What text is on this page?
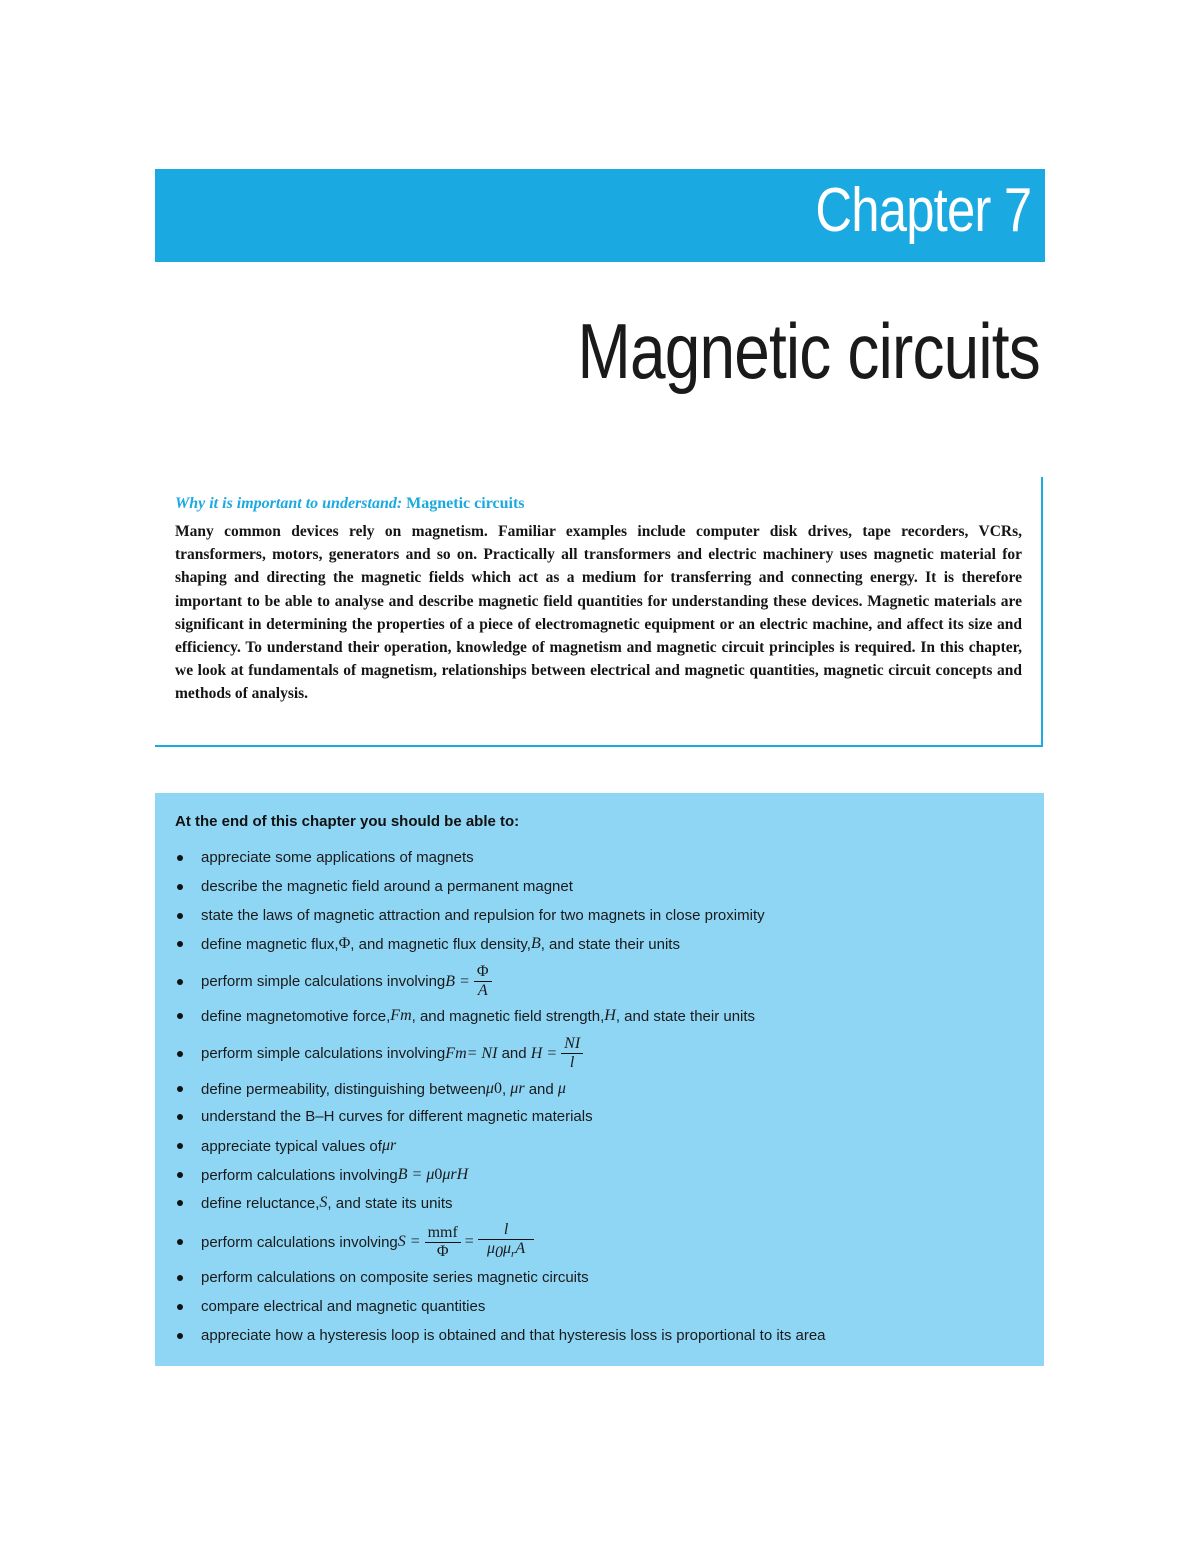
Chapter 7
Magnetic circuits
Why it is important to understand: Magnetic circuits
Many common devices rely on magnetism. Familiar examples include computer disk drives, tape recorders, VCRs, transformers, motors, generators and so on. Practically all transformers and electric machinery uses magnetic material for shaping and directing the magnetic fields which act as a medium for transferring and connecting energy. It is therefore important to be able to analyse and describe magnetic field quantities for understanding these devices. Magnetic materials are significant in determining the properties of a piece of electromagnetic equipment or an electric machine, and affect its size and efficiency. To understand their operation, knowledge of magnetism and magnetic circuit principles is required. In this chapter, we look at fundamentals of magnetism, relationships between electrical and magnetic quantities, magnetic circuit concepts and methods of analysis.
At the end of this chapter you should be able to:
appreciate some applications of magnets
describe the magnetic field around a permanent magnet
state the laws of magnetic attraction and repulsion for two magnets in close proximity
define magnetic flux, Φ , and magnetic flux density, B , and state their units
perform simple calculations involving $B = \frac{\Phi}{A}$
define magnetomotive force, F m , and magnetic field strength, H , and state their units
perform simple calculations involving F m = NI and $H = \frac{NI}{l}$
define permeability, distinguishing between μ 0 , μ r and μ
understand the B–H curves for different magnetic materials
appreciate typical values of μ r
perform calculations involving B = μ 0 μ r H
define reluctance, S , and state its units
perform calculations involving $S = \frac{\text{mmf}}{\Phi} = \frac{l}{\mu_0\mu_rA}$
perform calculations on composite series magnetic circuits
compare electrical and magnetic quantities
appreciate how a hysteresis loop is obtained and that hysteresis loss is proportional to its area
